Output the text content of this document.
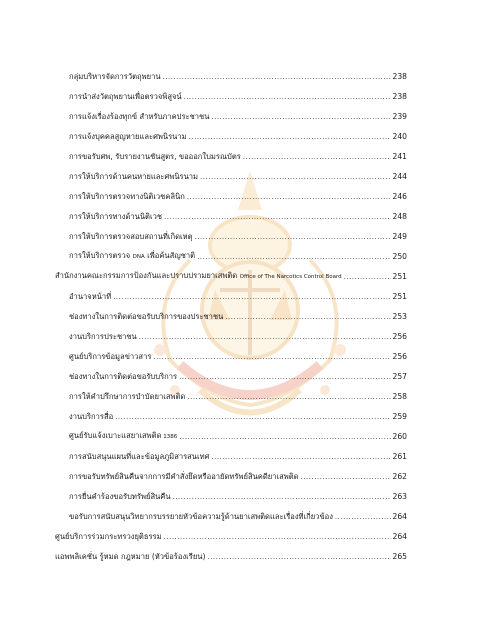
กลุ่มบริหารจัดการวัตถุพยาน .....	238
การนำส่งวัตถุพยานเพื่อตรวจพิสูจน์ .....	238
การแจ้งเรื่องร้องทุกข์ สำหรับภาคประชาชน .....	239
การแจ้งบุคคลสูญหายและศพนิรนาม .....	240
การขอรับศพ, รับรายงานชันสูตร, ขอออกใบมรณบัตร .....	241
การให้บริการด้านคนหายและศพนิรนาม .....	244
การให้บริการตรวจทางนิติเวชคลินิก .....	246
การให้บริการทางด้านนิติเวช .....	248
การให้บริการตรวจสอบสถานที่เกิดเหตุ .....	249
การให้บริการตรวจ DNA เพื่อค้นสัญชาติ .....	250
สำนักงานคณะกรรมการป้องกันและปราบปรามยาเสพติด Office of The Narcotics Control Board .....	251
อำนาจหน้าที่ .....	251
ช่องทางในการติดต่อขอรับบริการของประชาชน .....	253
งานบริการประชาชน .....	256
ศูนย์บริการข้อมูลข่าวสาร .....	256
ช่องทางในการติดต่อขอรับบริการ .....	257
การให้คำปรึกษาการบำบัดยาเสพติด .....	258
งานบริการสื่อ .....	259
ศูนย์รับแจ้งเบาะแสยาเสพติด 1386 .....	260
การสนับสนุนแผนที่และข้อมูลภูมิสารสนเทศ .....	261
การขอรับทรัพย์สินคืนจากการมีคำสั่งยึดหรืออายัดทรัพย์สินคดียาเสพติด .....	262
การยื่นคำร้องขอรับทรัพย์สินคืน .....	263
ขอรับการสนับสนุนวิทยากรบรรยายหัวข้อความรู้ด้านยาเสพติดและเรื่องที่เกี่ยวข้อง .....	264
ศูนย์บริการร่วมกระทรวงยุติธรรม .....	264
แอพพลิเคชั่น รู้หมด กฎหมาย (หัวข้อร้องเรียน) .....	265
